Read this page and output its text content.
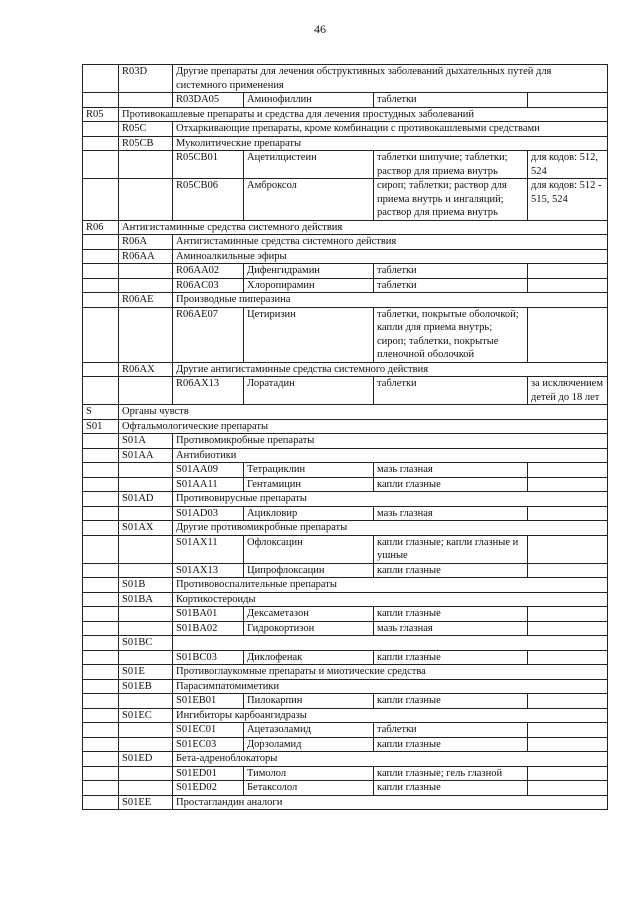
46
	R03D	Другие препараты для лечения обструктивных заболеваний дыхательных путей для системного применения			
		R03DA05	Аминофиллин	таблетки	
R05	Противокашлевые препараты и средства для лечения простудных заболеваний				
	R05C	Отхаркивающие препараты, кроме комбинации с противокашлевыми средствами			
	R05CB	Муколитические препараты			
		R05CB01	Ацетилцистеин	таблетки шипучие; таблетки; раствор для приема внутрь	для кодов: 512, 524
		R05CB06	Амброксол	сироп; таблетки; раствор для приема внутрь и ингаляций; раствор для приема внутрь	для кодов: 512 - 515, 524
R06	Антигистаминные средства системного действия				
	R06A	Антигистаминные средства системного действия			
	R06AA	Аминоалкильные эфиры			
		R06AA02	Дифенгидрамин	таблетки	
		R06AC03	Хлоропирамин	таблетки	
	R06AE	Производные пиперазина			
		R06AE07	Цетиризин	таблетки, покрытые оболочкой; капли для приема внутрь; сироп; таблетки, покрытые пленочной оболочкой	
	R06AX	Другие антигистаминные средства системного действия			
		R06AX13	Лоратадин	таблетки	за исключением детей до 18 лет
S	Органы чувств				
S01	Офтальмологические препараты				
	S01A	Противомикробные препараты			
	S01AA	Антибиотики			
		S01AA09	Тетрациклин	мазь глазная	
		S01AA11	Гентамицин	капли глазные	
	S01AD	Противовирусные препараты			
		S01AD03	Ацикловир	мазь глазная	
	S01AX	Другие противомикробные препараты			
		S01AX11	Офлоксацин	капли глазные; капли глазные и ушные	
		S01AX13	Ципрофлоксацин	капли глазные	
	S01B	Противовоспалительные препараты			
	S01BA	Кортикостероиды			
		S01BA01	Дексаметазон	капли глазные	
		S01BA02	Гидрокортизон	мазь глазная	
	S01BC				
		S01BC03	Диклофенак	капли глазные	
	S01E	Противоглаукомные препараты и миотические средства			
	S01EB	Парасимпатомиметики			
		S01EB01	Пилокарпин	капли глазные	
	S01EC	Ингибиторы карбоангидразы			
		S01EC01	Ацетазоламид	таблетки	
		S01EC03	Дорзоламид	капли глазные	
	S01ED	Бета-адреноблокаторы			
		S01ED01	Тимолол	капли глазные; гель глазной	
		S01ED02	Бетаксолол	капли глазные	
	S01EE	Простагландин аналоги			
